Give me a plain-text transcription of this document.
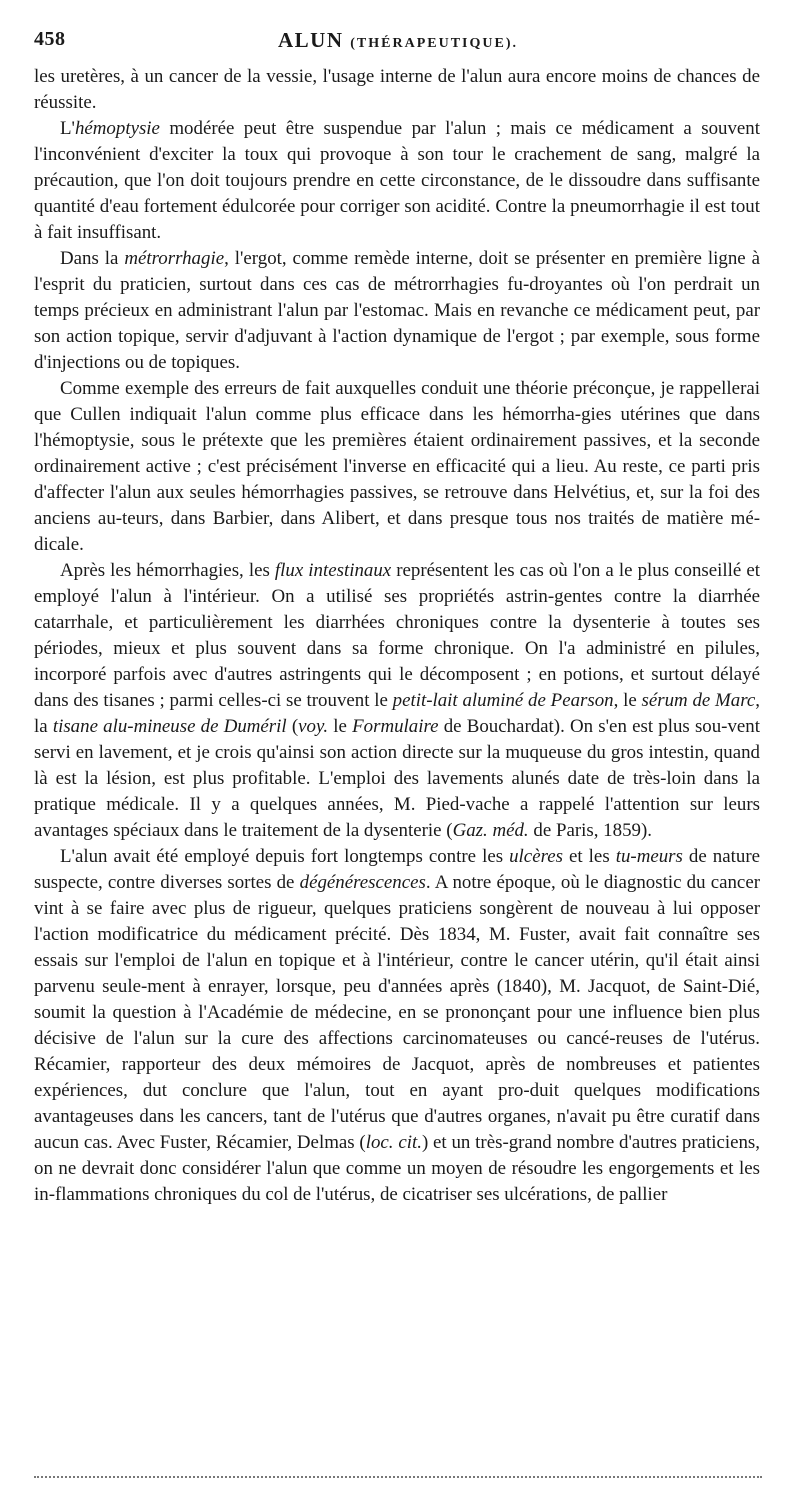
458	ALUN (THÉRAPEUTIQUE).

les uretères, à un cancer de la vessie, l'usage interne de l'alun aura encore moins de chances de réussite.

L'hémoptysie modérée peut être suspendue par l'alun ; mais ce médicament a souvent l'inconvénient d'exciter la toux qui provoque à son tour le crachement de sang, malgré la précaution, que l'on doit toujours prendre en cette circonstance, de le dissoudre dans suffisante quantité d'eau fortement édulcorée pour corriger son acidité. Contre la pneumorrhagie il est tout à fait insuffisant.

Dans la métrorrhagie, l'ergot, comme remède interne, doit se présenter en première ligne à l'esprit du praticien, surtout dans ces cas de métrorrhagies fu-droyantes où l'on perdrait un temps précieux en administrant l'alun par l'estomac. Mais en revanche ce médicament peut, par son action topique, servir d'adjuvant à l'action dynamique de l'ergot ; par exemple, sous forme d'injections ou de topiques.

Comme exemple des erreurs de fait auxquelles conduit une théorie préconçue, je rappellerai que Cullen indiquait l'alun comme plus efficace dans les hémorrha-gies utérines que dans l'hémoptysie, sous le prétexte que les premières étaient ordinairement passives, et la seconde ordinairement active ; c'est précisément l'inverse en efficacité qui a lieu. Au reste, ce parti pris d'affecter l'alun aux seules hémorrhagies passives, se retrouve dans Helvétius, et, sur la foi des anciens au-teurs, dans Barbier, dans Alibert, et dans presque tous nos traités de matière mé-dicale.

Après les hémorrhagies, les flux intestinaux représentent les cas où l'on a le plus conseillé et employé l'alun à l'intérieur. On a utilisé ses propriétés astrin-gentes contre la diarrhée catarrhale, et particulièrement les diarrhées chroniques contre la dysenterie à toutes ses périodes, mieux et plus souvent dans sa forme chronique. On l'a administré en pilules, incorporé parfois avec d'autres astringents qui le décomposent ; en potions, et surtout délayé dans des tisanes ; parmi celles-ci se trouvent le petit-lait aluminé de Pearson, le sérum de Marc, la tisane alu-mineuse de Duméril (voy. le Formulaire de Bouchardat). On s'en est plus sou-vent servi en lavement, et je crois qu'ainsi son action directe sur la muqueuse du gros intestin, quand là est la lésion, est plus profitable. L'emploi des lavements alunés date de très-loin dans la pratique médicale. Il y a quelques années, M. Pied-vache a rappelé l'attention sur leurs avantages spéciaux dans le traitement de la dysenterie (Gaz. méd. de Paris, 1859).

L'alun avait été employé depuis fort longtemps contre les ulcères et les tu-meurs de nature suspecte, contre diverses sortes de dégénérescences. A notre époque, où le diagnostic du cancer vint à se faire avec plus de rigueur, quelques praticiens songèrent de nouveau à lui opposer l'action modificatrice du médicament précité. Dès 1834, M. Fuster, avait fait connaître ses essais sur l'emploi de l'alun en topique et à l'intérieur, contre le cancer utérin, qu'il était ainsi parvenu seule-ment à enrayer, lorsque, peu d'années après (1840), M. Jacquot, de Saint-Dié, soumit la question à l'Académie de médecine, en se prononçant pour une influence bien plus décisive de l'alun sur la cure des affections carcinomateuses ou cancé-reuses de l'utérus. Récamier, rapporteur des deux mémoires de Jacquot, après de nombreuses et patientes expériences, dut conclure que l'alun, tout en ayant pro-duit quelques modifications avantageuses dans les cancers, tant de l'utérus que d'autres organes, n'avait pu être curatif dans aucun cas. Avec Fuster, Récamier, Delmas (loc. cit.) et un très-grand nombre d'autres praticiens, on ne devrait donc considérer l'alun que comme un moyen de résoudre les engorgements et les in-flammations chroniques du col de l'utérus, de cicatriser ses ulcérations, de pallier
